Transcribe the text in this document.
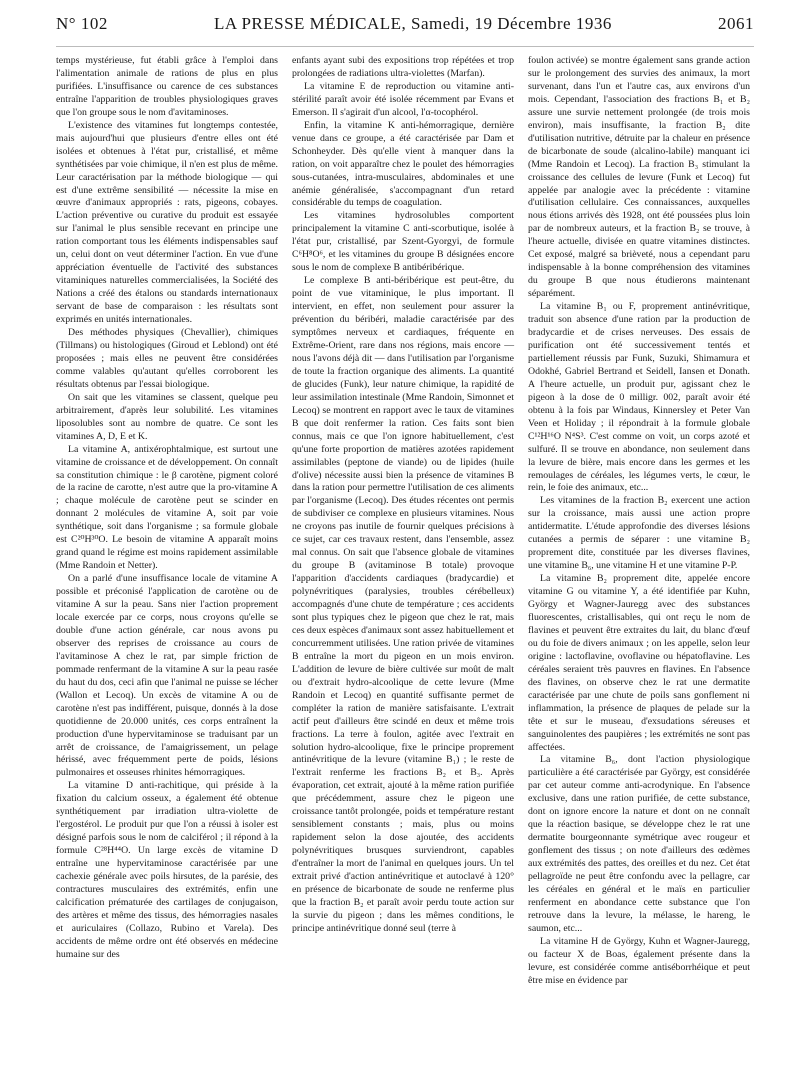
N° 102	LA PRESSE MÉDICALE, Samedi, 19 Décembre 1936	2061

temps mystérieuse, fut établi grâce à l'emploi dans l'alimentation animale de rations de plus en plus purifiées. L'insuffisance ou carence de ces substances entraîne l'apparition de troubles physiologiques graves que l'on groupe sous le nom d'avitaminoses.

L'existence des vitamines fut longtemps contestée, mais aujourd'hui que plusieurs d'entre elles ont été isolées et obtenues à l'état pur, cristallisé, et même synthétisées par voie chimique, il n'en est plus de même. Leur caractérisation par la méthode biologique — qui est d'une extrême sensibilité — nécessite la mise en œuvre d'animaux appropriés : rats, pigeons, cobayes. L'action préventive ou curative du produit est essayée sur l'animal le plus sensible recevant en principe une ration comportant tous les éléments indispensables sauf un, celui dont on veut déterminer l'action. En vue d'une appréciation éventuelle de l'activité des substances vitaminiques naturelles commercialisées, la Société des Nations a créé des étalons ou standards internationaux servant de base de comparaison : les résultats sont exprimés en unités internationales.

Des méthodes physiques (Chevallier), chimiques (Tillmans) ou histologiques (Giroud et Leblond) ont été proposées ; mais elles ne peuvent être considérées comme valables qu'autant qu'elles corroborent les résultats obtenus par l'essai biologique.

On sait que les vitamines se classent, quelque peu arbitrairement, d'après leur solubilité. Les vitamines liposolubles sont au nombre de quatre. Ce sont les vitamines A, D, E et K.

La vitamine A, antixérophtalmique, est surtout une vitamine de croissance et de développement. On connaît sa constitution chimique : le β carotène, pigment coloré de la racine de carotte, n'est autre que la pro-vitamine A ; chaque molécule de carotène peut se scinder en donnant 2 molécules de vitamine A, soit par voie synthétique, soit dans l'organisme ; sa formule globale est C²⁰H³⁰O. Le besoin de vitamine A apparaît moins grand quand le régime est moins rapidement assimilable (Mme Randoin et Netter).

On a parlé d'une insuffisance locale de vitamine A possible et préconisé l'application de carotène ou de vitamine A sur la peau. Sans nier l'action proprement locale exercée par ce corps, nous croyons qu'elle se double d'une action générale, car nous avons pu observer des reprises de croissance au cours de l'avitaminose A chez le rat, par simple friction de pommade renfermant de la vitamine A sur la peau rasée du haut du dos, ceci afin que l'animal ne puisse se lécher (Wallon et Lecoq). Un excès de vitamine A ou de carotène n'est pas indifférent, puisque, donnés à la dose quotidienne de 20.000 unités, ces corps entraînent la production d'une hypervitaminose se traduisant par un arrêt de croissance, de l'amaigrissement, un pelage hérissé, avec fréquemment perte de poids, lésions pulmonaires et osseuses rhinites hémorragiques.

La vitamine D anti-rachitique, qui préside à la fixation du calcium osseux, a également été obtenue synthétiquement par irradiation ultra-violette de l'ergostérol. Le produit pur que l'on a réussi à isoler est désigné parfois sous le nom de calciférol ; il répond à la formule C²⁸H⁴⁴O. Un large excès de vitamine D entraîne une hypervitaminose caractérisée par une cachexie générale avec poils hirsutes, de la parésie, des contractures musculaires des extrémités, enfin une calcification prématurée des cartilages de conjugaison, des artères et même des tissus, des hémorragies nasales et auriculaires (Collazo, Rubino et Varela). Des accidents de même ordre ont été observés en médecine humaine sur des

enfants ayant subi des expositions trop répétées et trop prolongées de radiations ultra-violettes (Marfan).

La vitamine E de reproduction ou vitamine anti-stérilité paraît avoir été isolée récemment par Evans et Emerson. Il s'agirait d'un alcool, l'α-tocophérol.

Enfin, la vitamine K anti-hémorragique, dernière venue dans ce groupe, a été caractérisée par Dam et Schonheyder. Dès qu'elle vient à manquer dans la ration, on voit apparaître chez le poulet des hémorragies sous-cutanées, intra-musculaires, abdominales et une anémie généralisée, s'accompagnant d'un retard considérable du temps de coagulation.

Les vitamines hydrosolubles comportent principalement la vitamine C anti-scorbutique, isolée à l'état pur, cristallisé, par Szent-Gyorgyi, de formule C⁶H⁸O⁶, et les vitamines du groupe B désignées encore sous le nom de complexe B antibéribérique.

Le complexe B anti-béribérique est peut-être, du point de vue vitaminique, le plus important. Il intervient, en effet, non seulement pour assurer la prévention du béribéri, maladie caractérisée par des symptômes nerveux et cardiaques, fréquente en Extrême-Orient, rare dans nos régions, mais encore — nous l'avons déjà dit — dans l'utilisation par l'organisme de toute la fraction organique des aliments. La quantité de glucides (Funk), leur nature chimique, la rapidité de leur assimilation intestinale (Mme Randoin, Simonnet et Lecoq) se montrent en rapport avec le taux de vitamines B que doit renfermer la ration. Ces faits sont bien connus, mais ce que l'on ignore habituellement, c'est qu'une forte proportion de matières azotées rapidement assimilables (peptone de viande) ou de lipides (huile d'olive) nécessite aussi bien la présence de vitamines B dans la ration pour permettre l'utilisation de ces aliments par l'organisme (Lecoq). Des études récentes ont permis de subdiviser ce complexe en plusieurs vitamines. Nous ne croyons pas inutile de fournir quelques précisions à ce sujet, car ces travaux restent, dans l'ensemble, assez mal connus. On sait que l'absence globale de vitamines du groupe B (avitaminose B totale) provoque l'apparition d'accidents cardiaques (bradycardie) et polynévritiques (paralysies, troubles cérébelleux) accompagnés d'une chute de température ; ces accidents sont plus typiques chez le pigeon que chez le rat, mais ces deux espèces d'animaux sont assez habituellement et concurremment utilisées. Une ration privée de vitamines B entraîne la mort du pigeon en un mois environ. L'addition de levure de bière cultivée sur moût de malt ou d'extrait hydro-alcoolique de cette levure (Mme Randoin et Lecoq) en quantité suffisante permet de compléter la ration de manière satisfaisante. L'extrait actif peut d'ailleurs être scindé en deux et même trois fractions. La terre à foulon, agitée avec l'extrait en solution hydro-alcoolique, fixe le principe proprement antinévritique de la levure (vitamine B₁) ; le reste de l'extrait renferme les fractions B₂ et B₃. Après évaporation, cet extrait, ajouté à la même ration purifiée que précédemment, assure chez le pigeon une croissance tantôt prolongée, poids et température restant sensiblement constants ; mais, plus ou moins rapidement selon la dose ajoutée, des accidents polynévritiques brusques surviendront, capables d'entraîner la mort de l'animal en quelques jours. Un tel extrait privé d'action antinévritique et autoclavé à 120° en présence de bicarbonate de soude ne renferme plus que la fraction B₂ et paraît avoir perdu toute action sur la survie du pigeon ; dans les mêmes conditions, le principe antinévritique donné seul (terre à

foulon activée) se montre également sans grande action sur le prolongement des survies des animaux, la mort survenant, dans l'un et l'autre cas, aux environs d'un mois. Cependant, l'association des fractions B₁ et B₂ assure une survie nettement prolongée (de trois mois environ), mais insuffisante, la fraction B₂ dite d'utilisation nutritive, détruite par la chaleur en présence de bicarbonate de soude (alcalino-labile) manquant ici (Mme Randoin et Lecoq). La fraction B₃ stimulant la croissance des cellules de levure (Funk et Lecoq) fut appelée par analogie avec la précédente : vitamine d'utilisation cellulaire. Ces connaissances, auxquelles nous étions arrivés dès 1928, ont été poussées plus loin par de nombreux auteurs, et la fraction B₂ se trouve, à l'heure actuelle, divisée en quatre vitamines distinctes. Cet exposé, malgré sa brièveté, nous a cependant paru indispensable à la bonne compréhension des vitamines du groupe B que nous étudierons maintenant séparément.

La vitamine B₁ ou F, proprement antinévritique, traduit son absence d'une ration par la production de bradycardie et de crises nerveuses. Des essais de purification ont été successivement tentés et partiellement réussis par Funk, Suzuki, Shimamura et Odokhé, Gabriel Bertrand et Seidell, Iansen et Donath. A l'heure actuelle, un produit pur, agissant chez le pigeon à la dose de 0 milligr. 002, paraît avoir été obtenu à la fois par Windaus, Kinnersley et Peter Van Veen et Holiday ; il répondrait à la formule globale C¹²H¹⁶O N⁴S³. C'est comme on voit, un corps azoté et sulfuré. Il se trouve en abondance, non seulement dans la levure de bière, mais encore dans les germes et les remoulages de céréales, les légumes verts, le cœur, le rein, le foie des animaux, etc...

Les vitamines de la fraction B₂ exercent une action sur la croissance, mais aussi une action propre antidermatite. L'étude approfondie des diverses lésions cutanées a permis de séparer : une vitamine B₂ proprement dite, constituée par les diverses flavines, une vitamine B₆, une vitamine H et une vitamine P-P.

La vitamine B₂ proprement dite, appelée encore vitamine G ou vitamine Y, a été identifiée par Kuhn, György et Wagner-Jauregg avec des substances fluorescentes, cristallisables, qui ont reçu le nom de flavines et peuvent être extraites du lait, du blanc d'œuf ou du foie de divers animaux ; on les appelle, selon leur origine : lactoflavine, ovoflavine ou hépatoflavine. Les céréales seraient très pauvres en flavines. En l'absence des flavines, on observe chez le rat une dermatite caractérisée par une chute de poils sans gonflement ni inflammation, la présence de plaques de pelade sur la tête et sur le museau, d'exsudations séreuses et sanguinolentes des paupières ; les extrémités ne sont pas affectées.

La vitamine B₆, dont l'action physiologique particulière a été caractérisée par György, est considérée par cet auteur comme anti-acrodynique. En l'absence exclusive, dans une ration purifiée, de cette substance, dont on ignore encore la nature et dont on ne connaît que la réaction basique, se développe chez le rat une dermatite bourgeonnante symétrique avec rougeur et gonflement des tissus ; on note d'ailleurs des œdèmes aux extrémités des pattes, des oreilles et du nez. Cet état pellagroïde ne peut être confondu avec la pellagre, car les céréales en général et le maïs en particulier renferment en abondance cette substance que l'on retrouve dans la levure, la mélasse, le hareng, le saumon, etc...

La vitamine H de György, Kuhn et Wagner-Jauregg, ou facteur X de Boas, également présente dans la levure, est considérée comme antiséborrhéique et peut être mise en évidence par
